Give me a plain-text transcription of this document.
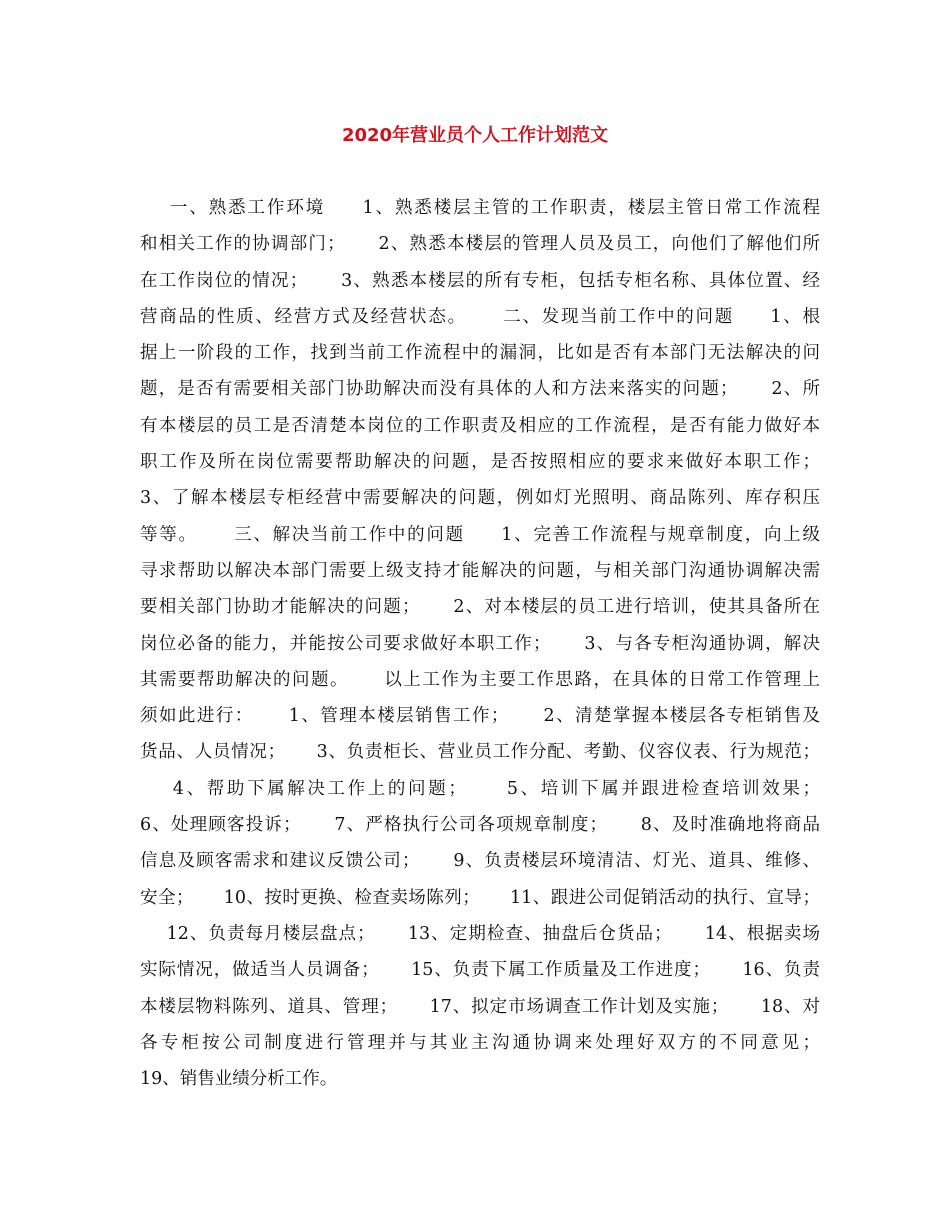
2020年营业员个人工作计划范文
一、熟悉工作环境     1、熟悉楼层主管的工作职责，楼层主管日常工作流程
和相关工作的协调部门；     2、熟悉本楼层的管理人员及员工，向他们了解他们所
在工作岗位的情况；     3、熟悉本楼层的所有专柜，包括专柜名称、具体位置、经
营商品的性质、经营方式及经营状态。     二、发现当前工作中的问题     1、根
据上一阶段的工作，找到当前工作流程中的漏洞，比如是否有本部门无法解决的问
题，是否有需要相关部门协助解决而没有具体的人和方法来落实的问题；     2、所
有本楼层的员工是否清楚本岗位的工作职责及相应的工作流程，是否有能力做好本
职工作及所在岗位需要帮助解决的问题，是否按照相应的要求来做好本职工作；
3、了解本楼层专柜经营中需要解决的问题，例如灯光照明、商品陈列、库存积压
等等。     三、解决当前工作中的问题     1、完善工作流程与规章制度，向上级
寻求帮助以解决本部门需要上级支持才能解决的问题，与相关部门沟通协调解决需
要相关部门协助才能解决的问题；     2、对本楼层的员工进行培训，使其具备所在
岗位必备的能力，并能按公司要求做好本职工作；     3、与各专柜沟通协调，解决
其需要帮助解决的问题。     以上工作为主要工作思路，在具体的日常工作管理上
须如此进行：     1、管理本楼层销售工作；     2、清楚掌握本楼层各专柜销售及
货品、人员情况；     3、负责柜长、营业员工作分配、考勤、仪容仪表、行为规范；
4、帮助下属解决工作上的问题；     5、培训下属并跟进检查培训效果；
6、处理顾客投诉；     7、严格执行公司各项规章制度；     8、及时准确地将商品
信息及顾客需求和建议反馈公司；     9、负责楼层环境清洁、灯光、道具、维修、
安全；     10、按时更换、检查卖场陈列；     11、跟进公司促销活动的执行、宣导；
12、负责每月楼层盘点；     13、定期检查、抽盘后仓货品；     14、根据卖场
实际情况，做适当人员调备；     15、负责下属工作质量及工作进度；     16、负责
本楼层物料陈列、道具、管理；     17、拟定市场调查工作计划及实施；     18、对
各专柜按公司制度进行管理并与其业主沟通协调来处理好双方的不同意见；
19、销售业绩分析工作。
